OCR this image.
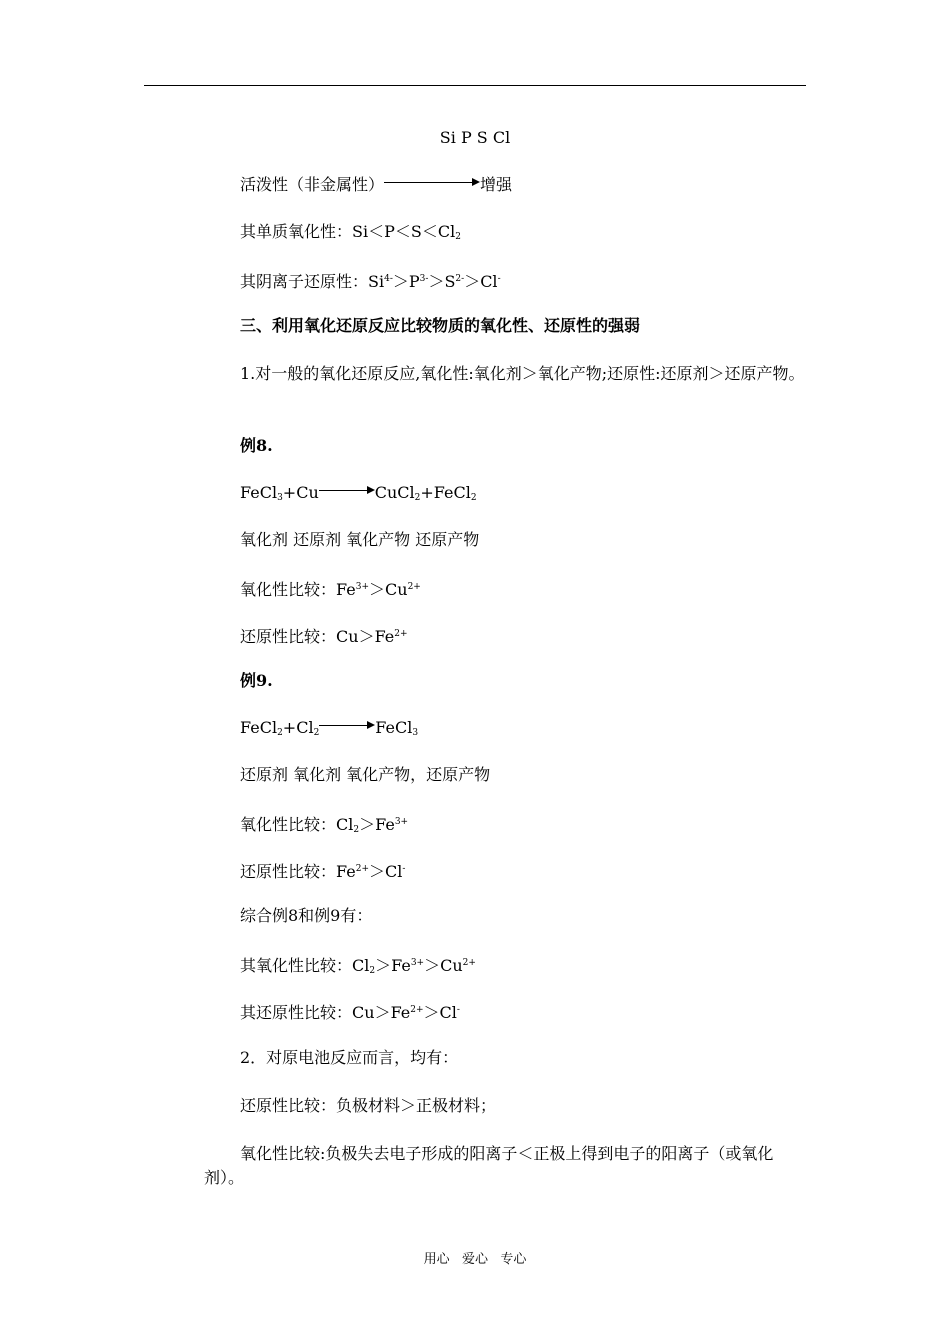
Si P S Cl
活泼性（非金属性）	增强
其单质氧化性：$Si<P<S<Cl_2$
其阴离子还原性：$Si^{4-}>P^{3-}>S^{2-}>Cl^-$
三、利用氧化还原反应比较物质的氧化性、还原性的强弱
1.对一般的氧化还原反应,氧化性:氧化剂＞氧化产物;还原性:还原剂＞还原产物。
例8.
FeCl$_3$+Cu	CuCl$_2$+FeCl$_2$
氧化剂 还原剂 氧化产物 还原产物
氧化性比较：$Fe^{3+}>Cu^{2+}$
还原性比较：$Cu>Fe^{2+}$
例9.
$FeCl_2+Cl_2$	FeCl$_3$
还原剂 氧化剂 氧化产物，还原产物
氧化性比较：$Cl_2>Fe^{3+}$
还原性比较：$Fe^{2+}>Cl^-$
综合例8和例9有：
其氧化性比较：$Cl_2>Fe^{3+}>Cu^{2+}$
其还原性比较：$Cu>Fe^{2+}>Cl^-$
2．对原电池反应而言，均有：
还原性比较：负极材料＞正极材料；
氧化性比较:负极失去电子形成的阳离子＜正极上得到电子的阳离子（或氧化剂）。
用心   爱心   专心
